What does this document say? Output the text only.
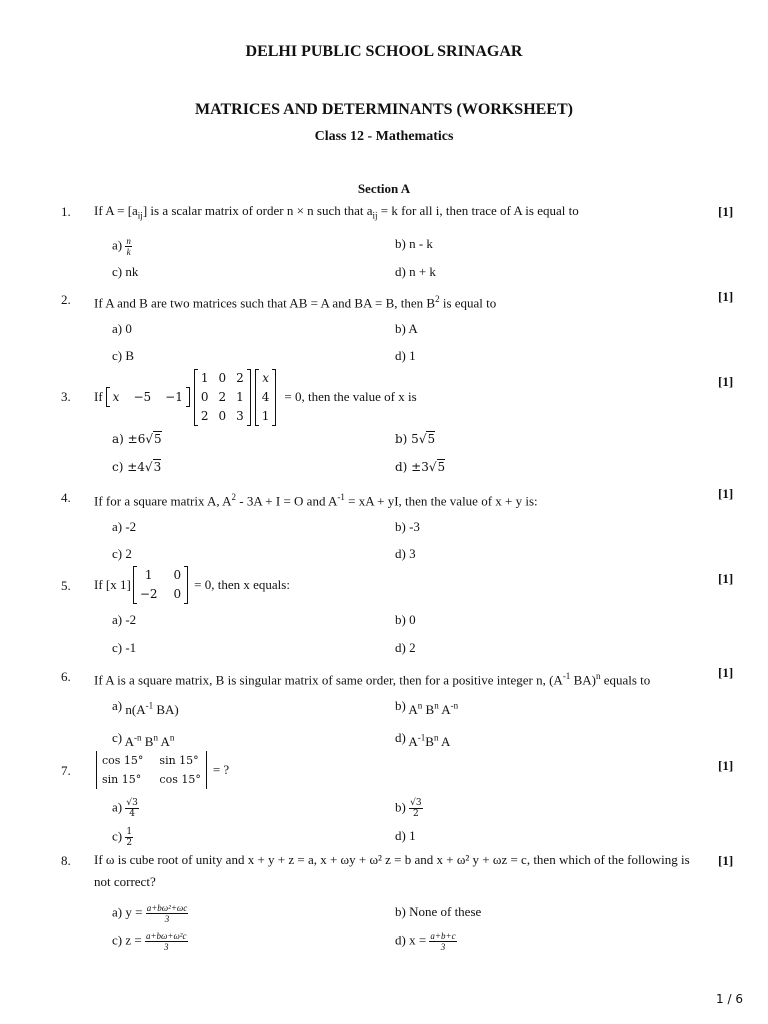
DELHI PUBLIC SCHOOL SRINAGAR
MATRICES AND DETERMINANTS (WORKSHEET)
Class 12 - Mathematics
Section A
1. If $A = [a_{ij}]$ is a scalar matrix of order n × n such that $a_{ij} = k$ for all i, then trace of A is equal to	[1]
$a) \frac{n}{k}$	b) n - k
c) nk	d) n + k
2. If A and B are two matrices such that AB = A and BA = B, then $B^2$ is equal to	[1]
a) 0	b) A
c) B	d) 1
3. If x −5 −1
1 0 2
0 2 1
2 0 3
x
4
1
= 0, then the value of x is
[1]
a) ±6√5	b) 5√5
c) ±4√3	d) ±3√5
4. If for a square matrix A, $A^2 - 3A + I = O$ and $A^{-1}$ = xA + yI, then the value of x + y is:	[1]
a) -2	b) -3
c) 2	d) 3
5. If [x 1]
1	0
−2 0
= 0, then x equals:	[1]
a) -2	b) 0
c) -1	d) 2
6. If A is a square matrix, B is singular matrix of same order, then for a positive integer n, ($A^{-1}$ BA)$^n$ equals to	[1]
a) $n(A^{-1}$ BA)	b) $A^n$ $B^n$ $A^{-n}$
c) $A^{-n}$ $B^n$ $A^n$	d) $A^{-1}B^n$ A
7.
cos 15° sin 15°
sin 15° cos 15°
= ?	[1]
$a) \frac{√3}{4}$	$b) \frac{√3}{2}$
$c) \frac{1}{2}$	d) 1
8. If ω is cube root of unity and x + y + z = a, x + ωy + ω² z = b and x + ω² y + ωz = c, then which of the following is not correct?
[1]
a) $y = \frac{\text{a+bω²+ωc}}{3}$	b) None of these
c) $z = \frac{\text{a+bω+ω²c}}{3}$	d) $x = \frac{a+b+c}{3}$
1 / 6
